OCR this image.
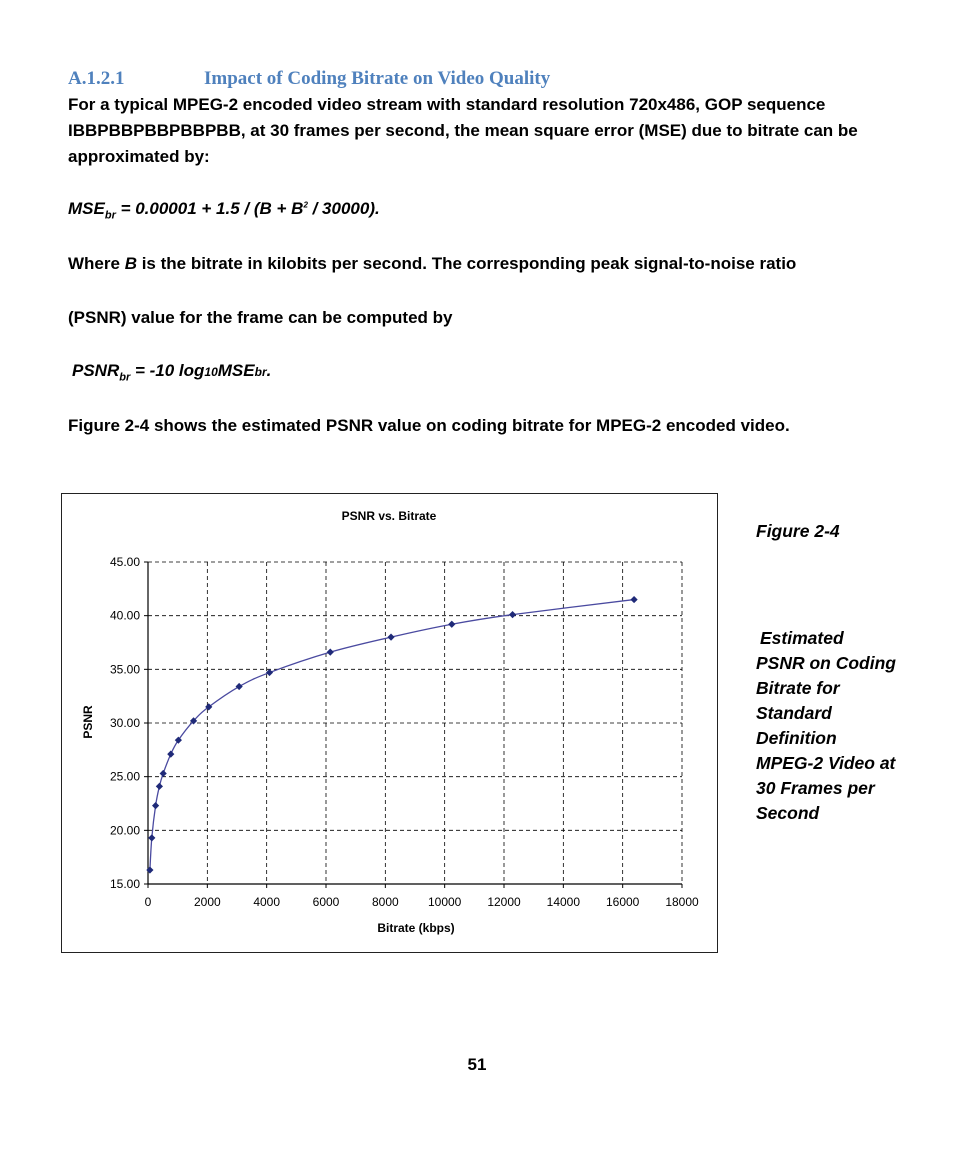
A.1.2.1	Impact of Coding Bitrate on Video Quality
For a typical MPEG-2 encoded video stream with standard resolution 720x486, GOP sequence IBBPBBPBBPBBPBB, at 30 frames per second, the mean square error (MSE) due to bitrate can be approximated by:
$MSE_{br} = 0.00001 + 1.5 / (B + B^2 / 30000)$.
Where B is the bitrate in kilobits per second. The corresponding peak signal-to-noise ratio
(PSNR) value for the frame can be computed by
$PSNR_{br} = -10$ log10MSEbr.
Figure 2-4 shows the estimated PSNR value on coding bitrate for MPEG-2 encoded video.
PSNR vs. Bitrate
0	2000	4000	6000	8000 10000 12000 14000 16000 18000
15.00
20.00
25.00
30.00
35.00
40.00
45.00
Bitrate (kbps)
PSNR
Figure 2-4
Estimated PSNR on Coding Bitrate for Standard Definition MPEG-2 Video at 30 Frames per Second
51
